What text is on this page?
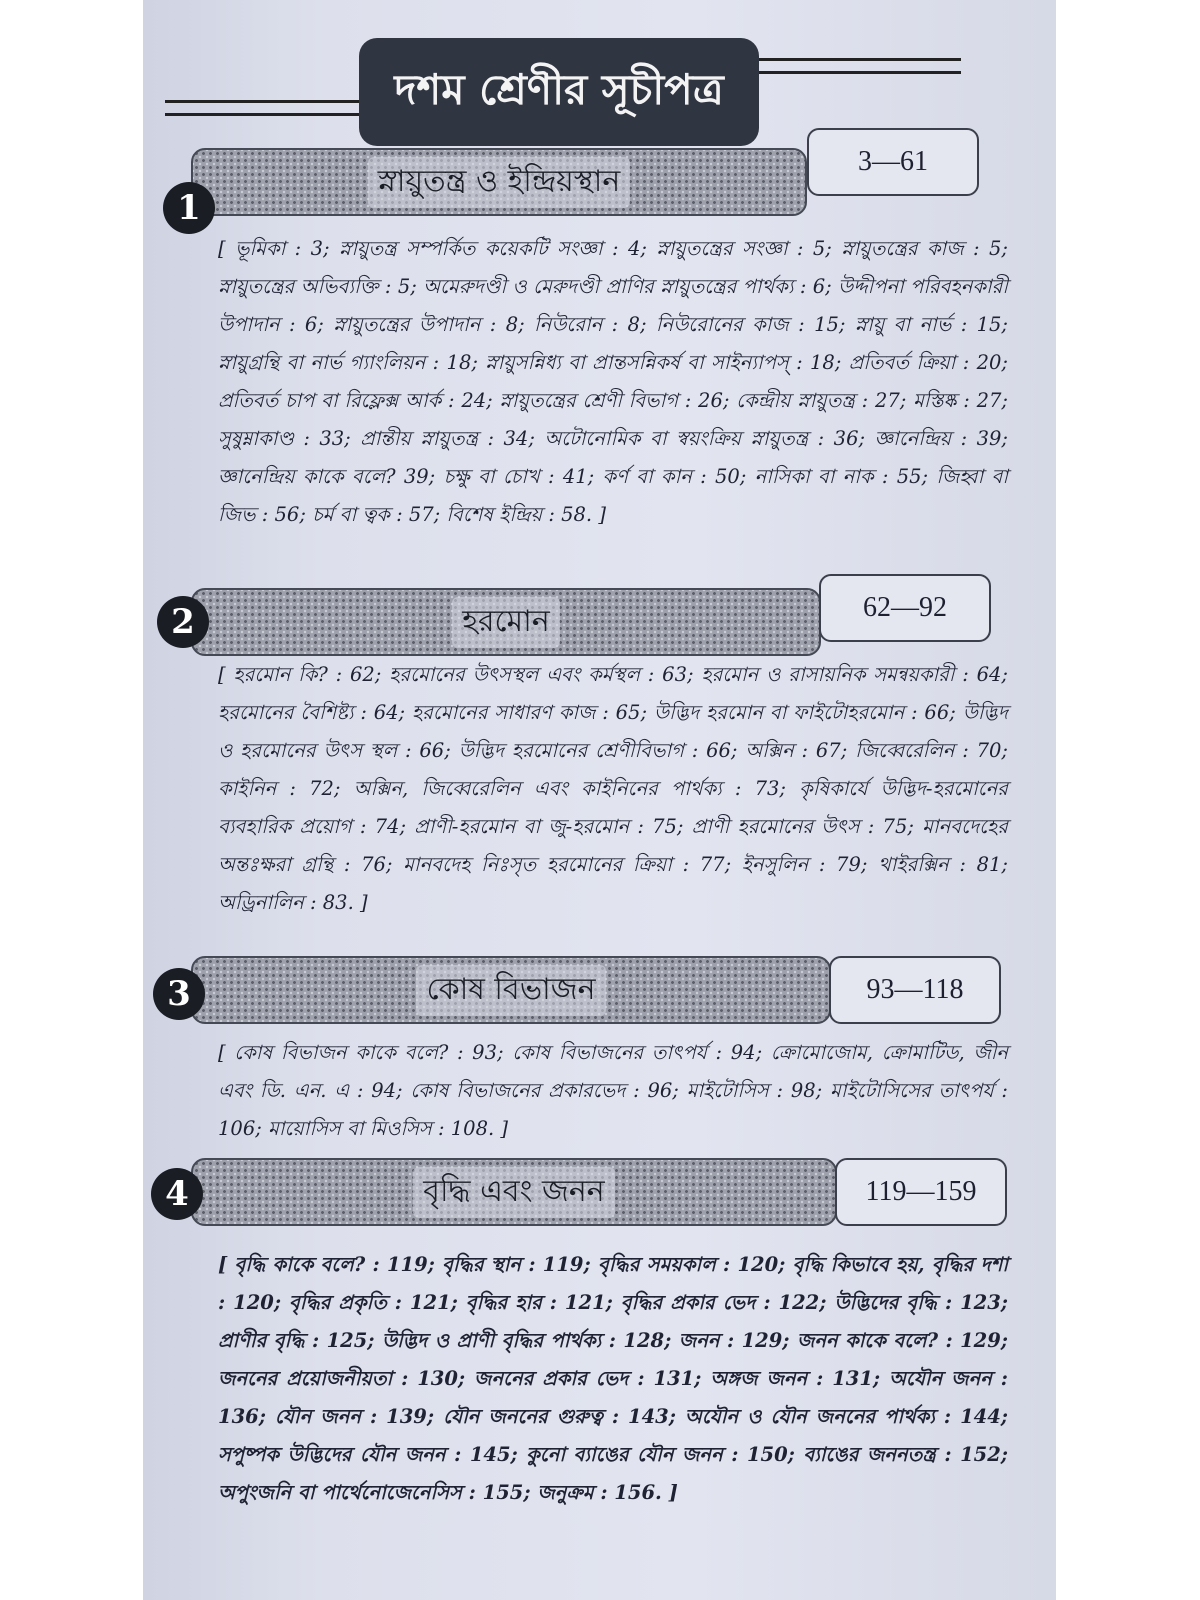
দশম শ্রেণীর সূচীপত্র
স্নায়ুতন্ত্র ও ইন্দ্রিয়স্থান
1
3—61
[ ভূমিকা : 3; স্নায়ুতন্ত্র সম্পর্কিত কয়েকটি সংজ্ঞা : 4; স্নায়ুতন্ত্রের সংজ্ঞা : 5; স্নায়ুতন্ত্রের কাজ : 5; স্নায়ুতন্ত্রের অভিব্যক্তি : 5; অমেরুদণ্ডী ও মেরুদণ্ডী প্রাণির স্নায়ুতন্ত্রের পার্থক্য : 6; উদ্দীপনা পরিবহনকারী উপাদান : 6; স্নায়ুতন্ত্রের উপাদান : 8; নিউরোন : 8; নিউরোনের কাজ : 15; স্নায়ু বা নার্ভ : 15; স্নায়ুগ্রন্থি বা নার্ভ গ্যাংলিয়ন : 18; স্নায়ুসন্নিধ্য বা প্রান্তসন্নিকর্ষ বা সাইন্যাপস্ : 18; প্রতিবর্ত ক্রিয়া : 20; প্রতিবর্ত চাপ বা রিফ্লেক্স আর্ক : 24; স্নায়ুতন্ত্রের শ্রেণী বিভাগ : 26; কেন্দ্রীয় স্নায়ুতন্ত্র : 27; মস্তিষ্ক : 27; সুষুম্নাকাণ্ড : 33; প্রান্তীয় স্নায়ুতন্ত্র : 34; অটোনোমিক বা স্বয়ংক্রিয় স্নায়ুতন্ত্র : 36; জ্ঞানেন্দ্রিয় : 39; জ্ঞানেন্দ্রিয় কাকে বলে? 39; চক্ষু বা চোখ : 41; কর্ণ বা কান : 50; নাসিকা বা নাক : 55; জিহ্বা বা জিভ : 56; চর্ম বা ত্বক : 57; বিশেষ ইন্দ্রিয় : 58. ]
হরমোন
2	62—92
[ হরমোন কি? : 62; হরমোনের উৎসস্থল এবং কর্মস্থল : 63; হরমোন ও রাসায়নিক সমন্বয়কারী : 64; হরমোনের বৈশিষ্ট্য : 64; হরমোনের সাধারণ কাজ : 65; উদ্ভিদ হরমোন বা ফাইটোহরমোন : 66; উদ্ভিদ ও হরমোনের উৎস স্থল : 66; উদ্ভিদ হরমোনের শ্রেণীবিভাগ : 66; অক্সিন : 67; জিব্বেরেলিন : 70; কাইনিন : 72; অক্সিন, জিব্বেরেলিন এবং কাইনিনের পার্থক্য : 73; কৃষিকার্যে উদ্ভিদ-হরমোনের ব্যবহারিক প্রয়োগ : 74; প্রাণী-হরমোন বা জু-হরমোন : 75; প্রাণী হরমোনের উৎস : 75; মানবদেহের অন্তঃক্ষরা গ্রন্থি : 76; মানবদেহ নিঃসৃত হরমোনের ক্রিয়া : 77; ইনসুলিন : 79; থাইরক্সিন : 81; অড্রিনালিন : 83. ]
কোষ বিভাজন
3	93—118
[ কোষ বিভাজন কাকে বলে? : 93; কোষ বিভাজনের তাৎপর্য : 94; ক্রোমোজোম, ক্রোমাটিড, জীন এবং ডি. এন. এ : 94; কোষ বিভাজনের প্রকারভেদ : 96; মাইটোসিস : 98; মাইটোসিসের তাৎপর্য : 106; মায়োসিস বা মিওসিস : 108. ]
বৃদ্ধি এবং জনন
4	119—159
[ বৃদ্ধি কাকে বলে? : 119; বৃদ্ধির স্থান : 119; বৃদ্ধির সময়কাল : 120; বৃদ্ধি কিভাবে হয়, বৃদ্ধির দশা : 120; বৃদ্ধির প্রকৃতি : 121; বৃদ্ধির হার : 121; বৃদ্ধির প্রকার ভেদ : 122; উদ্ভিদের বৃদ্ধি : 123; প্রাণীর বৃদ্ধি : 125; উদ্ভিদ ও প্রাণী বৃদ্ধির পার্থক্য : 128; জনন : 129; জনন কাকে বলে? : 129; জননের প্রয়োজনীয়তা : 130; জননের প্রকার ভেদ : 131; অঙ্গজ জনন : 131; অযৌন জনন : 136; যৌন জনন : 139; যৌন জননের গুরুত্ব : 143; অযৌন ও যৌন জননের পার্থক্য : 144; সপুষ্পক উদ্ভিদের যৌন জনন : 145; কুনো ব্যাঙের যৌন জনন : 150; ব্যাঙের জননতন্ত্র : 152; অপুংজনি বা পার্থেনোজেনেসিস : 155; জনুক্রম : 156. ]
